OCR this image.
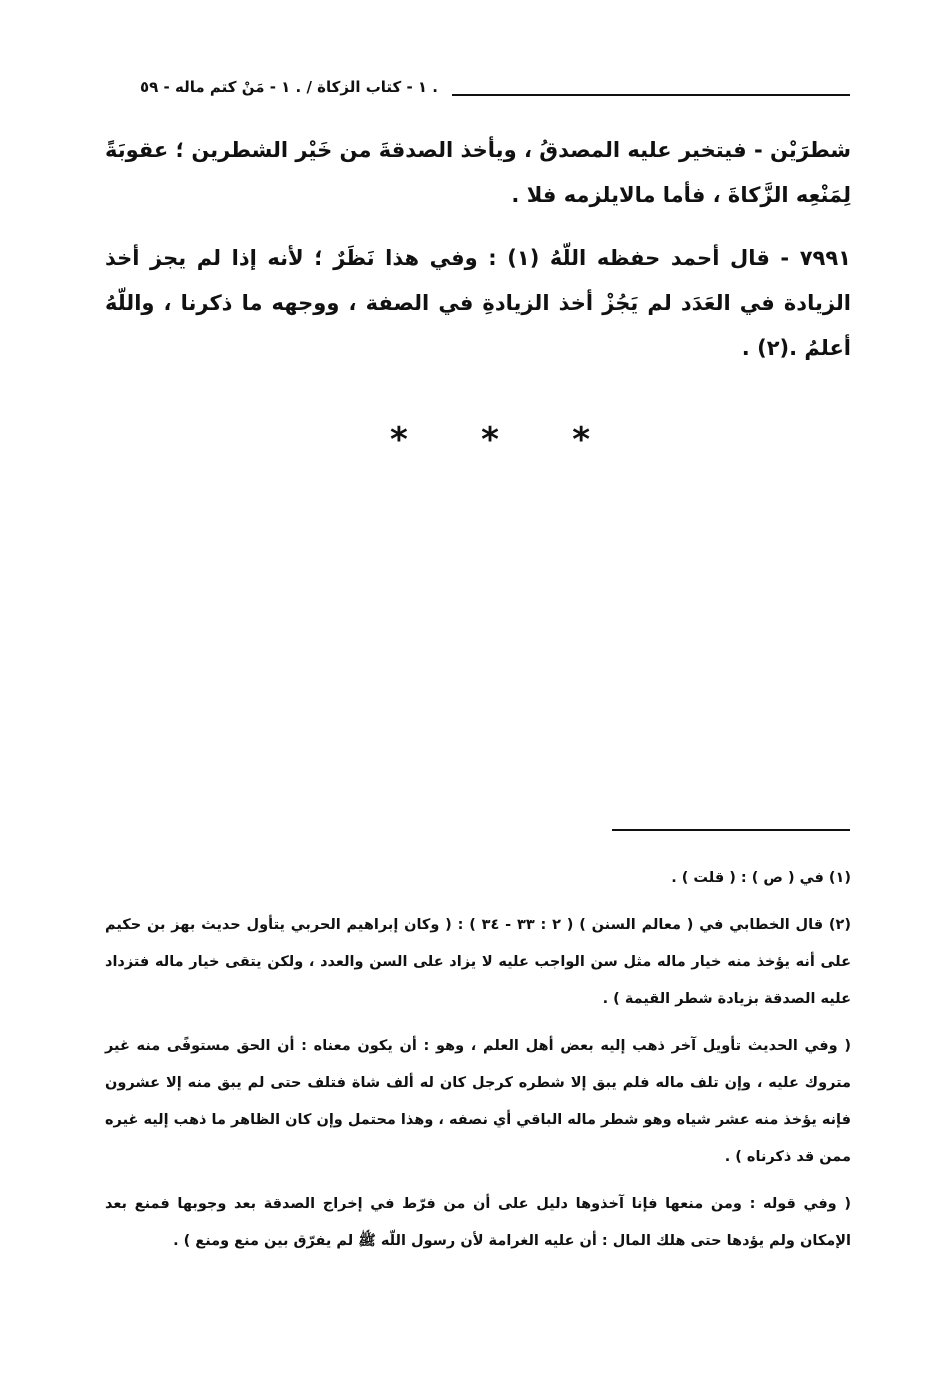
. ١ - كتاب الزكاة / . ١ - مَنْ كتم ماله - ٥٩

شطرَيْن - فيتخير عليه المصدقُ ، ويأخذ الصدقةَ من خَيْر الشطرين ؛ عقوبَةً لِمَنْعِه الزَّكاةَ ، فأما مالايلزمه فلا .

٧٩٩١ - قال أحمد حفظه اللّهُ (١) : وفي هذا نَظَرٌ ؛ لأنه إذا لم يجز أخذ الزيادة في العَدَد لم يَجُزْ أخذ الزيادةِ في الصفة ، ووجهه ما ذكرنا ، واللّهُ أعلمُ .(٢) .

* * *

(١) في ( ص ) : ( قلت ) .

(٢) قال الخطابي في ( معالم السنن ) ( ٢ : ٣٣ - ٣٤ ) : ( وكان إبراهيم الحربي يتأول حديث بهز بن حكيم على أنه يؤخذ منه خيار ماله مثل سن الواجب عليه لا يزاد على السن والعدد ، ولكن يتقى خيار ماله فتزداد عليه الصدقة بزيادة شطر القيمة ) .

( وفي الحديث تأويل آخر ذهب إليه بعض أهل العلم ، وهو : أن يكون معناه : أن الحق مستوفًى منه غير متروك عليه ، وإن تلف ماله فلم يبق إلا شطره كرجل كان له ألف شاة فتلف حتى لم يبق منه إلا عشرون فإنه يؤخذ منه عشر شياه وهو شطر ماله الباقي أي نصفه ، وهذا محتمل وإن كان الظاهر ما ذهب إليه غيره ممن قد ذكرناه ) .

( وفي قوله : ومن منعها فإنا آخذوها دليل على أن من فرّط في إخراج الصدقة بعد وجوبها فمنع بعد الإمكان ولم يؤدها حتى هلك المال : أن عليه الغرامة لأن رسول اللّه ﷺ لم يفرّق بين منع ومنع ) .
